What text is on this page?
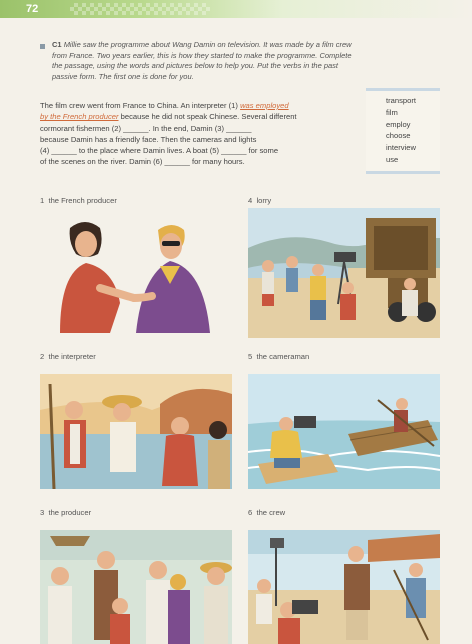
72
C1 Millie saw the programme about Wang Damin on television. It was made by a film crew from France. Two years earlier, this is how they started to make the programme. Complete the passage, using the words and pictures below to help you. Put the verbs in the past passive form. The first one is done for you.
The film crew went from France to China. An interpreter (1) was employed
by the French producer because he did not speak Chinese. Several different
cormorant fishermen (2) ______. In the end, Damin (3) ______
because Damin has a friendly face. Then the cameras and lights
(4) ______ to the place where Damin lives. A boat (5) ______ for some
of the scenes on the river. Damin (6) ______ for many hours.
transport
film
employ
choose
interview
use
1 the French producer	4 lorry
2 the interpreter	5 the cameraman
3 the producer	6 the crew
